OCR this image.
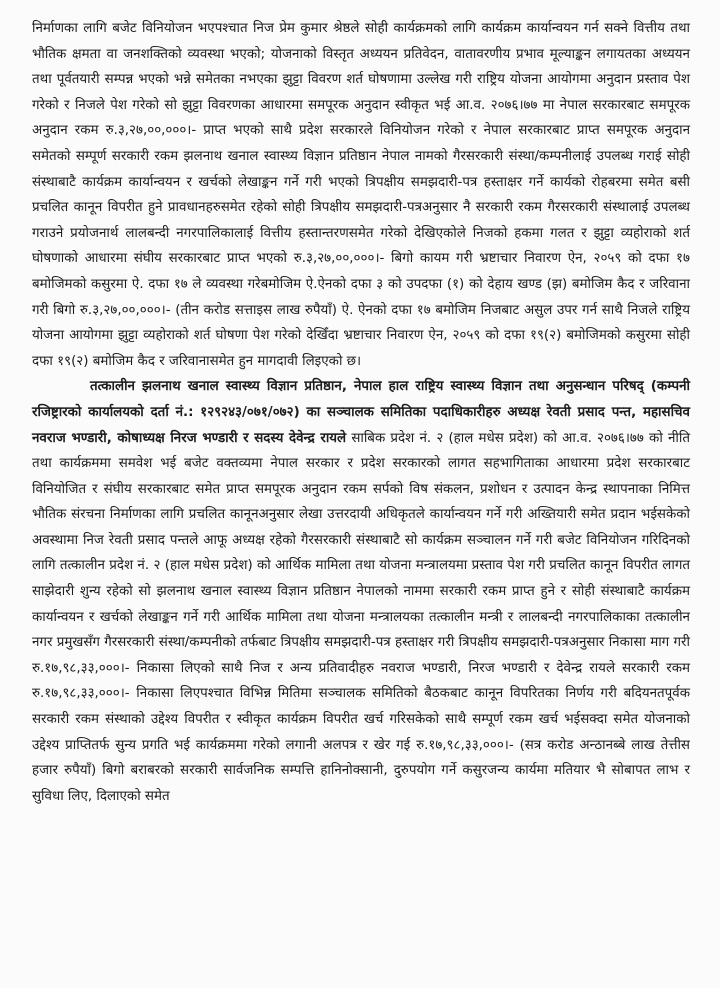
निर्माणका लागि बजेट विनियोजन भएपश्चात निज प्रेम कुमार श्रेष्ठले सोही कार्यक्रमको लागि कार्यक्रम कार्यान्वयन गर्न सक्ने वित्तीय तथा भौतिक क्षमता वा जनशक्तिको व्यवस्था भएको; योजनाको विस्तृत अध्ययन प्रतिवेदन, वातावरणीय प्रभाव मूल्याङ्कन लगायतका अध्ययन तथा पूर्वतयारी सम्पन्न भएको भन्ने समेतका नभएका झुट्टा विवरण शर्त घोषणामा उल्लेख गरी राष्ट्रिय योजना आयोगमा अनुदान प्रस्ताव पेश गरेको र निजले पेश गरेको सो झुट्टा विवरणका आधारमा समपूरक अनुदान स्वीकृत भई आ.व. २०७६।७७ मा नेपाल सरकारबाट समपूरक अनुदान रकम रु.३,२७,००,०००।- प्राप्त भएको साथै प्रदेश सरकारले विनियोजन गरेको र नेपाल सरकारबाट प्राप्त समपूरक अनुदान समेतको सम्पूर्ण सरकारी रकम झलनाथ खनाल स्वास्थ्य विज्ञान प्रतिष्ठान नेपाल नामको गैरसरकारी संस्था/कम्पनीलाई उपलब्ध गराई सोही संस्थाबाटै कार्यक्रम कार्यान्वयन र खर्चको लेखाङ्कन गर्ने गरी भएको त्रिपक्षीय समझदारी-पत्र हस्ताक्षर गर्ने कार्यको रोहबरमा समेत बसी प्रचलित कानून विपरीत हुने प्रावधानहरुसमेत रहेको सोही त्रिपक्षीय समझदारी-पत्रअनुसार नै सरकारी रकम गैरसरकारी संस्थालाई उपलब्ध गराउने प्रयोजनार्थ लालबन्दी नगरपालिकालाई वित्तीय हस्तान्तरणसमेत गरेको देखिएकोले निजको हकमा गलत र झुट्टा व्यहोराको शर्त घोषणाको आधारमा संघीय सरकारबाट प्राप्त भएको रु.३,२७,००,०००।- बिगो कायम गरी भ्रष्टाचार निवारण ऐन, २०५९ को दफा १७ बमोजिमको कसुरमा ऐ. दफा १७ ले व्यवस्था गरेबमोजिम ऐ.ऐनको दफा ३ को उपदफा (१) को देहाय खण्ड (झ) बमोजिम कैद र जरिवाना गरी बिगो रु.३,२७,००,०००।- (तीन करोड सत्ताइस लाख रुपैयाँ) ऐ. ऐनको दफा १७ बमोजिम निजबाट असुल उपर गर्न साथै निजले राष्ट्रिय योजना आयोगमा झुट्टा व्यहोराको शर्त घोषणा पेश गरेको देखिँदा भ्रष्टाचार निवारण ऐन, २०५९ को दफा १९(२) बमोजिमको कसुरमा सोही दफा १९(२) बमोजिम कैद र जरिवानासमेत हुन मागदावी लिइएको छ।

तत्कालीन झलनाथ खनाल स्वास्थ्य विज्ञान प्रतिष्ठान, नेपाल हाल राष्ट्रिय स्वास्थ्य विज्ञान तथा अनुसन्धान परिषद् (कम्पनी रजिष्ट्रारको कार्यालयको दर्ता नं.: १२९२४३/०७१/०७२) का सञ्चालक समितिका पदाधिकारीहरु अध्यक्ष रेवती प्रसाद पन्त, महासचिव नवराज भण्डारी, कोषाध्यक्ष निरज भण्डारी र सदस्य देवेन्द्र रायले साबिक प्रदेश नं. २ (हाल मधेस प्रदेश) को आ.व. २०७६।७७ को नीति तथा कार्यक्रममा समवेश भई बजेट वक्तव्यमा नेपाल सरकार र प्रदेश सरकारको लागत सहभागिताका आधारमा प्रदेश सरकारबाट विनियोजित र संघीय सरकारबाट समेत प्राप्त समपूरक अनुदान रकम सर्पको विष संकलन, प्रशोधन र उत्पादन केन्द्र स्थापनाका निमित्त भौतिक संरचना निर्माणका लागि प्रचलित कानूनअनुसार लेखा उत्तरदायी अधिकृतले कार्यान्वयन गर्ने गरी अख्तियारी समेत प्रदान भईसकेको अवस्थामा निज रेवती प्रसाद पन्तले आफू अध्यक्ष रहेको गैरसरकारी संस्थाबाटै सो कार्यक्रम सञ्चालन गर्ने गरी बजेट विनियोजन गरिदिनको लागि तत्कालीन प्रदेश नं. २ (हाल मधेस प्रदेश) को आर्थिक मामिला तथा योजना मन्त्रालयमा प्रस्ताव पेश गरी प्रचलित कानून विपरीत लागत साझेदारी शुन्य रहेको सो झलनाथ खनाल स्वास्थ्य विज्ञान प्रतिष्ठान नेपालको नाममा सरकारी रकम प्राप्त हुने र सोही संस्थाबाटै कार्यक्रम कार्यान्वयन र खर्चको लेखाङ्कन गर्ने गरी आर्थिक मामिला तथा योजना मन्त्रालयका तत्कालीन मन्त्री र लालबन्दी नगरपालिकाका तत्कालीन नगर प्रमुखसँग गैरसरकारी संस्था/कम्पनीको तर्फबाट त्रिपक्षीय समझदारी-पत्र हस्ताक्षर गरी त्रिपक्षीय समझदारी-पत्रअनुसार निकासा माग गरी रु.१७,९८,३३,०००।- निकासा लिएको साथै निज र अन्य प्रतिवादीहरु नवराज भण्डारी, निरज भण्डारी र देवेन्द्र रायले सरकारी रकम रु.१७,९८,३३,०००।- निकासा लिएपश्चात विभिन्न मितिमा सञ्चालक समितिको बैठकबाट कानून विपरितका निर्णय गरी बदियनतपूर्वक सरकारी रकम संस्थाको उद्देश्य विपरीत र स्वीकृत कार्यक्रम विपरीत खर्च गरिसकेको साथै सम्पूर्ण रकम खर्च भईसक्दा समेत योजनाको उद्देश्य प्राप्तितर्फ सुन्य प्रगति भई कार्यक्रममा गरेको लगानी अलपत्र र खेर गई रु.१७,९८,३३,०००।- (सत्र करोड अन्ठानब्बे लाख तेत्तीस हजार रुपैयाँ) बिगो बराबरको सरकारी सार्वजनिक सम्पत्ति हानिनोक्सानी, दुरुपयोग गर्ने कसुरजन्य कार्यमा मतियार भै सोबापत लाभ र सुविधा लिए, दिलाएको समेत
